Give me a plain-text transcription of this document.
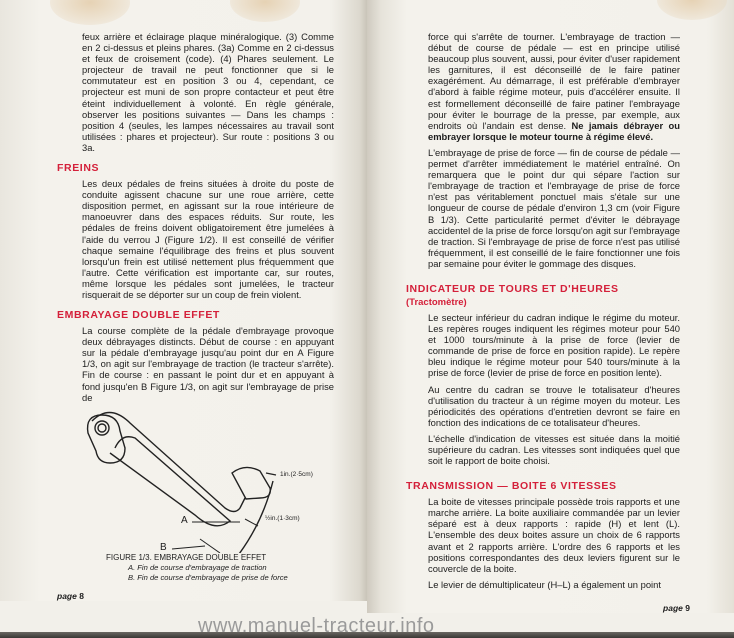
feux arrière et éclairage plaque minéralogique. (3) Comme en 2 ci-dessus et pleins phares. (3a) Comme en 2 ci-dessus et feux de croisement (code). (4) Phares seulement. Le projecteur de travail ne peut fonctionner que si le commutateur est en position 3 ou 4, cependant, ce projecteur est muni de son propre contacteur et peut être éteint individuellement à volonté. En règle générale, observer les positions suivantes — Dans les champs : position 4 (seules, les lampes nécessaires au travail sont utilisées : phares et projecteur). Sur route : positions 3 ou 3a.
FREINS
Les deux pédales de freins situées à droite du poste de conduite agissent chacune sur une roue arrière, cette disposition permet, en agissant sur la roue intérieure de manoeuvrer dans des espaces réduits. Sur route, les pédales de freins doivent obligatoirement être jumelées à l'aide du verrou J (Figure 1/2). Il est conseillé de vérifier chaque semaine l'équilibrage des freins et plus souvent lorsqu'un frein est utilisé nettement plus fréquemment que l'autre. Cette vérification est importante car, sur routes, même lorsque les pédales sont jumelées, le tracteur risquerait de se déporter sur un coup de frein violent.
EMBRAYAGE DOUBLE EFFET
La course complète de la pédale d'embrayage provoque deux débrayages distincts. Début de course : en appuyant sur la pédale d'embrayage jusqu'au point dur en A Figure 1/3, on agit sur l'embrayage de traction (le tracteur s'arrête). Fin de course : en passant le point dur et en appuyant à fond jusqu'en B Figure 1/3, on agit sur l'embrayage de prise de
1in.(2·5cm)
½in.(1·3cm)
A
B
FIGURE 1/3. EMBRAYAGE DOUBLE EFFET
A. Fin de course d'embrayage de traction
B. Fin de course d'embrayage de prise de force
page 8

force qui s'arrête de tourner. L'embrayage de traction — début de course de pédale — est en principe utilisé beaucoup plus souvent, aussi, pour éviter d'user rapidement les garnitures, il est déconseillé de le faire patiner exagérément. Au démarrage, il est préférable d'embrayer d'abord à faible régime moteur, puis d'accélérer ensuite. Il est formellement déconseillé de faire patiner l'embrayage pour éviter le bourrage de la presse, par exemple, aux endroits où l'andain est dense. Ne jamais débrayer ou embrayer lorsque le moteur tourne à régime élevé.

L'embrayage de prise de force — fin de course de pédale — permet d'arrêter immédiatement le matériel entraîné. On remarquera que le point dur qui sépare l'action sur l'embrayage de traction et l'embrayage de prise de force n'est pas véritablement ponctuel mais s'étale sur une longueur de course de pédale d'environ 1,3 cm (voir Figure B 1/3). Cette particularité permet d'éviter le débrayage accidentel de la prise de force lorsqu'on agit sur l'embrayage de traction. Si l'embrayage de prise de force n'est pas utilisé fréquemment, il est conseillé de le faire fonctionner une fois par semaine pour éviter le gommage des disques.

INDICATEUR DE TOURS ET D'HEURES (Tractomètre)

Le secteur inférieur du cadran indique le régime du moteur. Les repères rouges indiquent les régimes moteur pour 540 et 1000 tours/minute à la prise de force (levier de commande de prise de force en position rapide). Le repère bleu indique le régime moteur pour 540 tours/minute à la prise de force (levier de prise de force en position lente).

Au centre du cadran se trouve le totalisateur d'heures d'utilisation du tracteur à un régime moyen du moteur. Les périodicités des opérations d'entretien devront se faire en fonction des indications de ce totalisateur d'heures.

L'échelle d'indication de vitesses est située dans la moitié supérieure du cadran. Les vitesses sont indiquées quel que soit le rapport de boite choisi.

TRANSMISSION — BOITE 6 VITESSES

La boite de vitesses principale possède trois rapports et une marche arrière. La boite auxiliaire commandée par un levier séparé est à deux rapports : rapide (H) et lent (L). L'ensemble des deux boites assure un choix de 6 rapports avant et 2 rapports arrière. L'ordre des 6 rapports et les positions correspondantes des deux leviers figurent sur le couvercle de la boite.

Le levier de démultiplicateur (H–L) a également un point

page 9
www.manuel-tracteur.info
